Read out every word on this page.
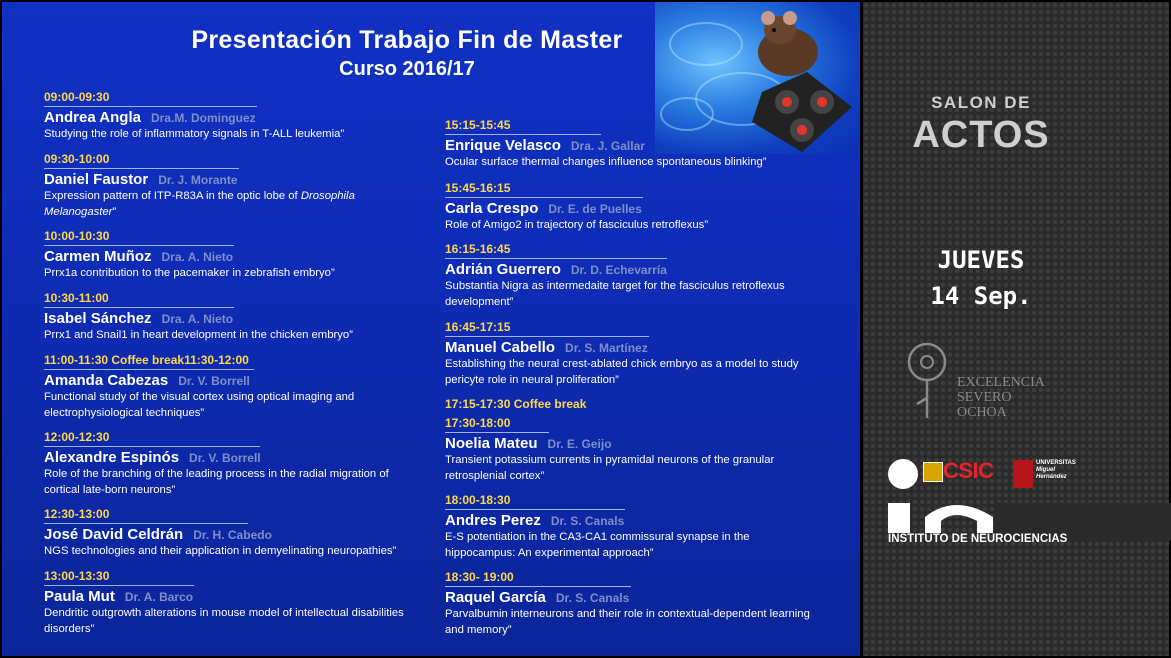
Presentación Trabajo Fin de Master
Curso 2016/17
09:00-09:30
Andrea Angla Dra.M. Dominguez
Studying the role of inflammatory signals in T-ALL leukemia”
09:30-10:00
Daniel Faustor Dr. J. Morante
Expression pattern of ITP-R83A in the optic lobe of Drosophila
Melanogaster”
10:00-10:30
Carmen Muñoz Dra. A. Nieto
Prrx1a contribution to the pacemaker in zebrafish embryo”
10:30-11:00
Isabel Sánchez Dra. A. Nieto
Prrx1 and Snail1 in heart development in the chicken embryo”
11:00-11:30 Coffee break11:30-12:00
Amanda Cabezas Dr. V. Borrell
Functional study of the visual cortex using optical imaging and
electrophysiological techniques”
12:00-12:30
Alexandre Espinós Dr. V. Borrell
Role of the branching of the leading process in the radial migration of
cortical late-born neurons”
12:30-13:00
José David Celdrán Dr. H. Cabedo
NGS technologies and their application in demyelinating neuropathies”
13:00-13:30
Paula Mut Dr. A. Barco
Dendritic outgrowth alterations in mouse model of intellectual disabilities
disorders”
15:15-15:45
Enrique Velasco Dra. J. Gallar
Ocular surface thermal changes influence spontaneous blinking”
15:45-16:15
Carla Crespo Dr. E. de Puelles
Role of Amigo2 in trajectory of fasciculus retroflexus”
16:15-16:45
Adrián Guerrero Dr. D. Echevarría
Substantia Nigra as intermedaite target for the fasciculus retroflexus
development”
16:45-17:15
Manuel Cabello Dr. S. Martínez
Establishing the neural crest-ablated chick embryo as a model to study
pericyte role in neural proliferation”
17:15-17:30 Coffee break
17:30-18:00
Noelia Mateu Dr. E. Geijo
Transient potassium currents in pyramidal neurons of the granular
retrosplenial cortex”
18:00-18:30
Andres Perez Dr. S. Canals
E-S potentiation in the CA3-CA1 commissural synapse in the
hippocampus: An experimental approach”
18:30- 19:00
Raquel García Dr. S. Canals
Parvalbumin interneurons and their role in contextual-dependent learning
and memory”
SALON DE
ACTOS
JUEVES
14 Sep.
EXCELENCIA
SEVERO
OCHOA
CSIC	UNIVERSITAS
Miguel
Hernández
INSTITUTO DE NEUROCIENCIAS
